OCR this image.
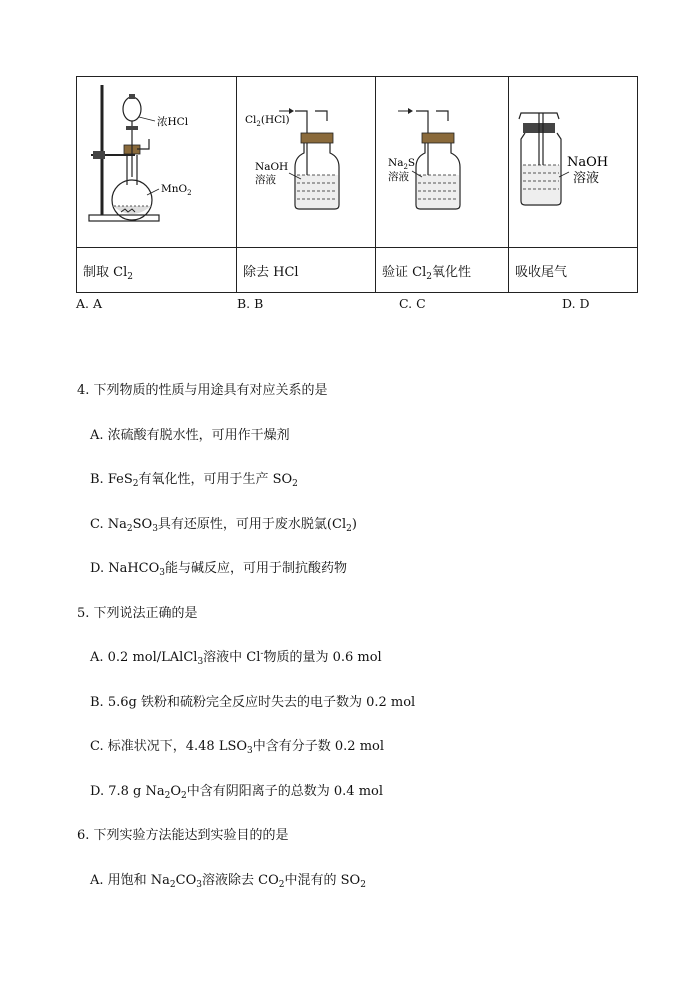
浓HCl
MnO$_2$	$Cl_2(HCl)$
NaOH
溶液	$Na_2S$
溶液	NaOH
溶液

制取 $Cl_2$	除去 HCl	验证 $Cl_2$氧化性	吸收尾气
A. A	B. B	C. C	D. D
4. 下列物质的性质与用途具有对应关系的是
A. 浓硫酸有脱水性，可用作干燥剂
B. FeS$_2$有氧化性，可用于生产 $SO_2$
C. $Na_2SO_3$具有还原性，可用于废水脱氯$(Cl_2)$
D. NaHCO$_3$能与碱反应，可用于制抗酸药物
5. 下列说法正确的是
A. 0.2 mol/LAlCl$_3$溶液中 Cl-物质的量为 0.6 mol
B. 5.6g 铁粉和硫粉完全反应时失去的电子数为 0.2 mol
C. 标准状况下，4.48 $LSO_3$中含有分子数 0.2 mol
D. 7.8 g $Na_2O_2$中含有阴阳离子的总数为 0.4 mol
6. 下列实验方法能达到实验目的的是
A. 用饱和 $Na_2CO_3$溶液除去 $CO_2$中混有的 $SO_2$
